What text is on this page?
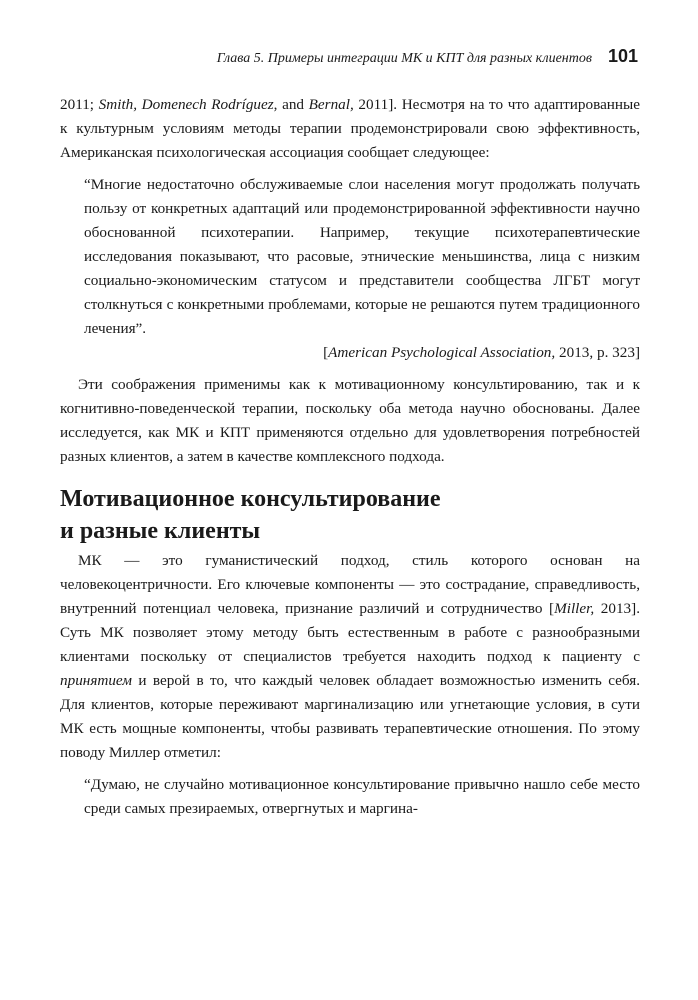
Глава 5. Примеры интеграции МК и КПТ для разных клиентов 101

2011; Smith, Domenech Rodríguez, and Bernal, 2011]. Несмотря на то что адаптированные к культурным условиям методы терапии продемонстрировали свою эффективность, Американская психологическая ассоциация сообщает следующее:

“Многие недостаточно обслуживаемые слои населения могут продолжать получать пользу от конкретных адаптаций или продемонстрированной эффективности научно обоснованной психотерапии. Например, текущие психотерапевтические исследования показывают, что расовые, этнические меньшинства, лица с низким социально-экономическим статусом и представители сообщества ЛГБТ могут столкнуться с конкретными проблемами, которые не решаются путем традиционного лечения”.

[American Psychological Association, 2013, p. 323]

Эти соображения применимы как к мотивационному консультированию, так и к когнитивно-поведенческой терапии, поскольку оба метода научно обоснованы. Далее исследуется, как МК и КПТ применяются отдельно для удовлетворения потребностей разных клиентов, а затем в качестве комплексного подхода.

Мотивационное консультирование
и разные клиенты

МК — это гуманистический подход, стиль которого основан на человекоцентричности. Его ключевые компоненты — это сострадание, справедливость, внутренний потенциал человека, признание различий и сотрудничество [Miller, 2013]. Суть МК позволяет этому методу быть естественным в работе с разнообразными клиентами поскольку от специалистов требуется находить подход к пациенту с принятием и верой в то, что каждый человек обладает возможностью изменить себя. Для клиентов, которые переживают маргинализацию или угнетающие условия, в сути МК есть мощные компоненты, чтобы развивать терапевтические отношения. По этому поводу Миллер отметил:

“Думаю, не случайно мотивационное консультирование привычно нашло себе место среди самых презираемых, отвергнутых и маргина-
